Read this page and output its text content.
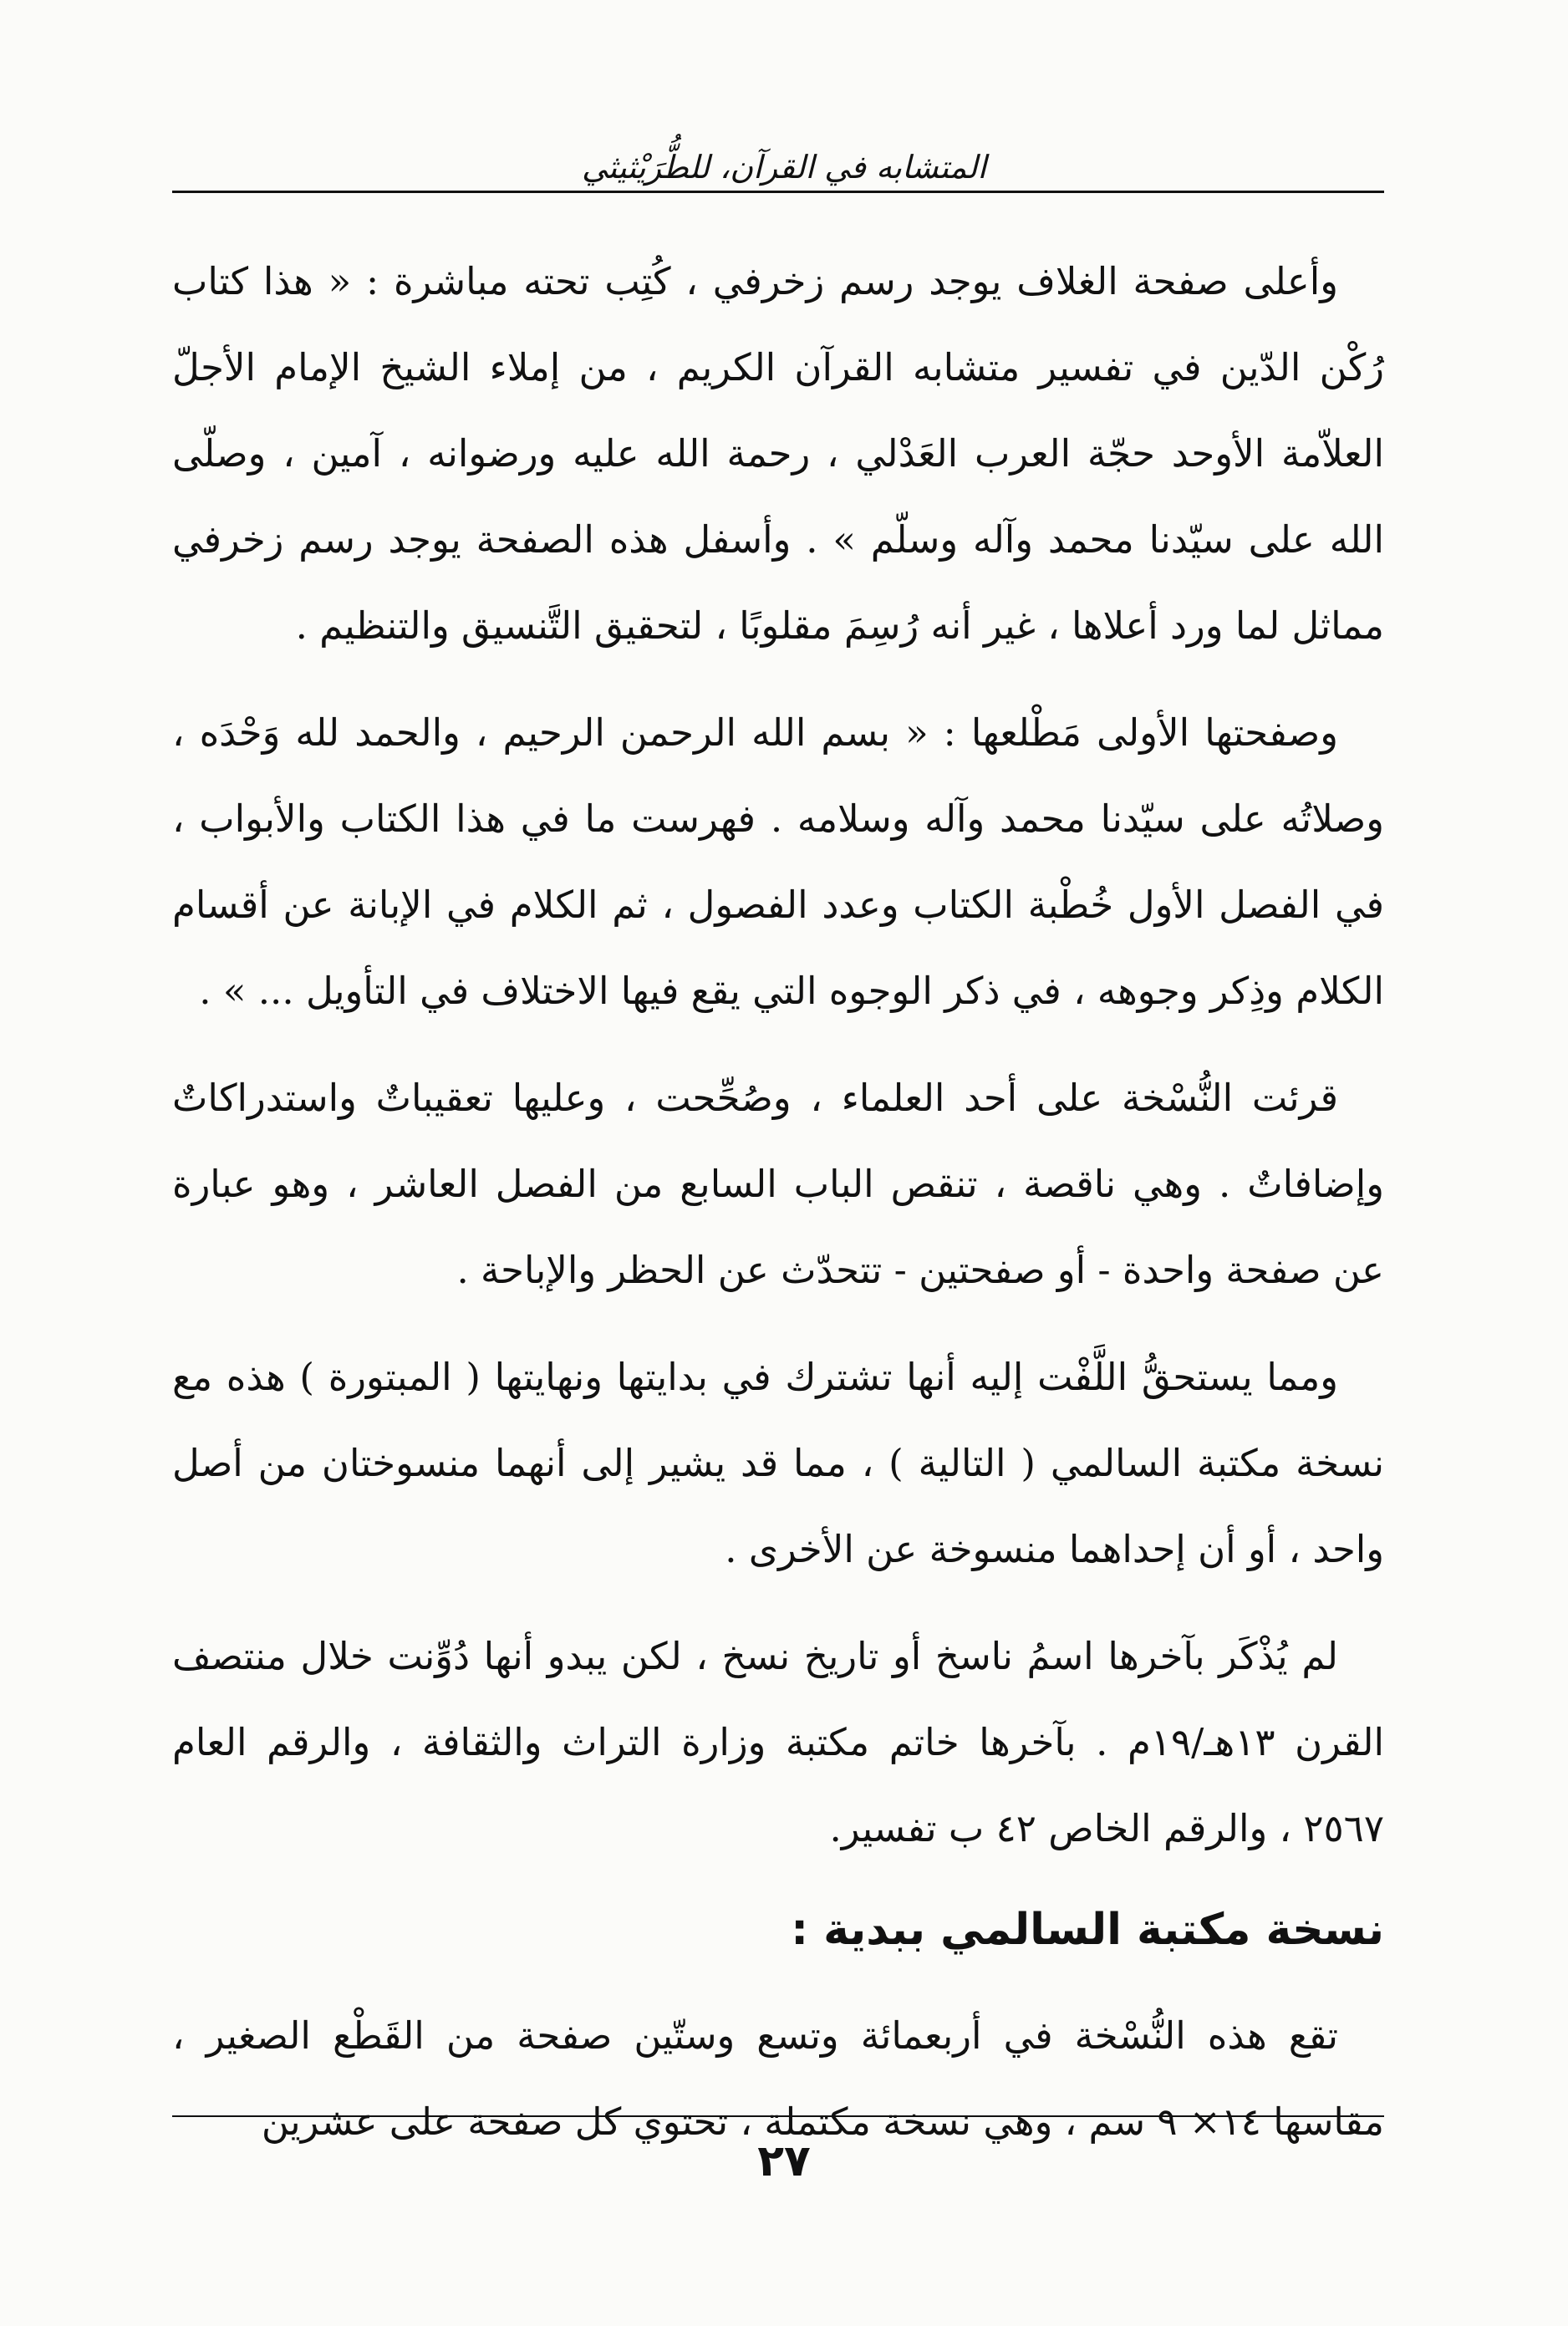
المتشابه في القرآن، للطُّرَيْثيثي

وأعلى صفحة الغلاف يوجد رسم زخرفي ، كُتِب تحته مباشرة : « هذا كتاب رُكْن الدّين في تفسير متشابه القرآن الكريم ، من إملاء الشيخ الإمام الأجلّ العلاّمة الأوحد حجّة العرب العَدْلي ، رحمة الله عليه ورضوانه ، آمين ، وصلّى الله على سيّدنا محمد وآله وسلّم » . وأسفل هذه الصفحة يوجد رسم زخرفي مماثل لما ورد أعلاها ، غير أنه رُسِمَ مقلوبًا ، لتحقيق التَّنسيق والتنظيم .

وصفحتها الأولى مَطْلعها : « بسم الله الرحمن الرحيم ، والحمد لله وَحْدَه ، وصلاتُه على سيّدنا محمد وآله وسلامه . فهرست ما في هذا الكتاب والأبواب ، في الفصل الأول خُطْبة الكتاب وعدد الفصول ، ثم الكلام في الإبانة عن أقسام الكلام وذِكر وجوهه ، في ذكر الوجوه التي يقع فيها الاختلاف في التأويل ... » .

قرئت النُّسْخة على أحد العلماء ، وصُحِّحت ، وعليها تعقيباتٌ واستدراكاتٌ وإضافاتٌ . وهي ناقصة ، تنقص الباب السابع من الفصل العاشر ، وهو عبارة عن صفحة واحدة - أو صفحتين - تتحدّث عن الحظر والإباحة .

ومما يستحقُّ اللَّفْت إليه أنها تشترك في بدايتها ونهايتها ( المبتورة ) هذه مع نسخة مكتبة السالمي ( التالية ) ، مما قد يشير إلى أنهما منسوختان من أصل واحد ، أو أن إحداهما منسوخة عن الأخرى .

لم يُذْكَر بآخرها اسمُ ناسخ أو تاريخ نسخ ، لكن يبدو أنها دُوِّنت خلال منتصف القرن ١٣هـ/١٩م . بآخرها خاتم مكتبة وزارة التراث والثقافة ، والرقم العام ٢٥٦٧ ، والرقم الخاص ٤٢ ب تفسير.

نسخة مكتبة السالمي ببدية :

تقع هذه النُّسْخة في أربعمائة وتسع وستّين صفحة من القَطْع الصغير ، مقاسها ١٤× ٩ سم ، وهي نسخة مكتملة ، تحتوي كل صفحة على عشرين

٢٧
